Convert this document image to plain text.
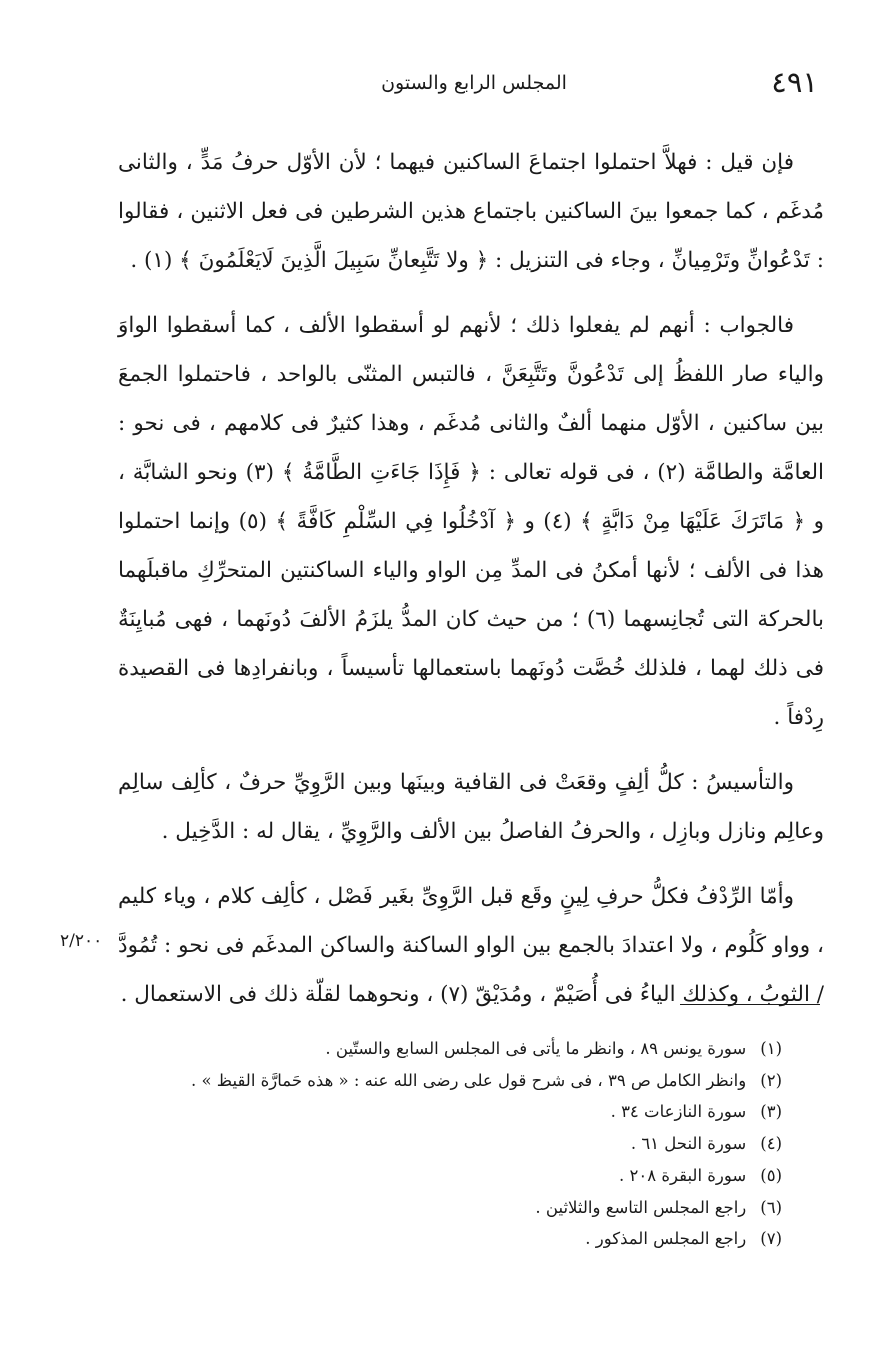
٤٩١
المجلس الرابع والستون

فإن قيل : فهلاَّ احتملوا اجتماعَ الساكنين فيهما ؛ لأن الأوّل حرفُ مَدٍّ ، والثانى مُدغَم ، كما جمعوا بينَ الساكنين باجتماع هذين الشرطين فى فعل الاثنين ، فقالوا : تَدْعُوانِّ وتَرْمِيانِّ ، وجاء فى التنزيل : ﴿ ولا تَتَّبِعانِّ سَبِيلَ الَّذِينَ لَايَعْلَمُونَ ﴾ (١) .

فالجواب : أنهم لم يفعلوا ذلك ؛ لأنهم لو أسقطوا الألف ، كما أسقطوا الواوَ والياء صار اللفظُ إلى تَدْعُونَّ وتَتَّبِعَنَّ ، فالتبس المثنّى بالواحد ، فاحتملوا الجمعَ بين ساكنين ، الأوّل منهما ألفٌ والثانى مُدغَم ، وهذا كثيرٌ فى كلامهم ، فى نحو : العامَّة والطامَّة (٢) ، فى قوله تعالى : ﴿ فَإِذَا جَاءَتِ الطَّامَّةُ ﴾ (٣) ونحو الشابَّة ، و ﴿ مَاتَرَكَ عَلَيْهَا مِنْ دَابَّةٍ ﴾ (٤) و ﴿ آدْخُلُوا فِي السِّلْمِ كَافَّةً ﴾ (٥) وإنما احتملوا هذا فى الألف ؛ لأنها أمكنُ فى المدِّ مِن الواو والياء الساكنتين المتحرِّكِ ماقبلَهما بالحركة التى تُجانِسهما (٦) ؛ من حيث كان المدُّ يلزَمُ الألفَ دُونَهما ، فهى مُبايِنَةٌ فى ذلك لهما ، فلذلك خُصَّت دُونَهما باستعمالها تأسيساً ، وبانفرادِها فى القصيدة رِدْفاً .

والتأسيسُ : كلُّ ألِفٍ وقعَتْ فى القافية وبينَها وبين الرَّوِيِّ حرفٌ ، كألِف سالِم وعالِم ونازل وبازِل ، والحرفُ الفاصلُ بين الألف والرَّوِيِّ ، يقال له : الدَّخِيل .

وأمّا الرِّدْفُ فكلُّ حرفِ لِينٍ وقَع قبل الرَّوِىِّ بغَير فَصْل ، كألِف كلام ، وياء كليم ، وواو كَلُوم ، ولا اعتدادَ بالجمع بين الواو الساكنة والساكن المدغَم فى نحو : تُمُودَّ / الثوبُ ، وكذلك الياءُ فى أُصَيْمّ ، ومُدَيْقّ (٧) ، ونحوهما لقلّة ذلك فى الاستعمال .

٢/٢٠٠
(١)سورة يونس ٨٩ ، وانظر ما يأتى فى المجلس السابع والستّين .
(٢)وانظر الكامل ص ٣٩ ، فى شرح قول على رضى الله عنه : « هذه حَمارَّة القيظ » .
(٣)سورة النازعات ٣٤ .
(٤)سورة النحل ٦١ .
(٥)سورة البقرة ٢٠٨ .
(٦)راجع المجلس التاسع والثلاثين .
(٧)راجع المجلس المذكور .
